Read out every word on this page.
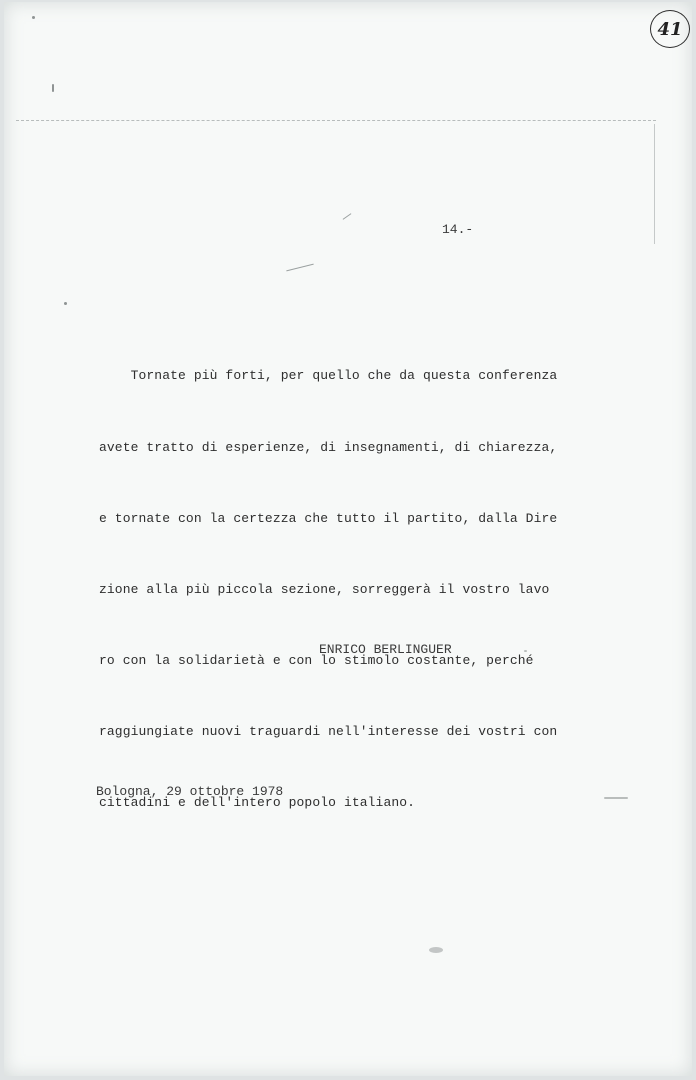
41
14.-

Tornate più forti, per quello che da questa conferenza

avete tratto di esperienze, di insegnamenti, di chiarezza,

e tornate con la certezza che tutto il partito, dalla Dire

zione alla più piccola sezione, sorreggerà il vostro lavo

ro con la solidarietà e con lo stimolo costante, perché

raggiungiate nuovi traguardi nell'interesse dei vostri con

cittadini e dell'intero popolo italiano.

ENRICO BERLINGUER
Bologna, 29 ottobre 1978
